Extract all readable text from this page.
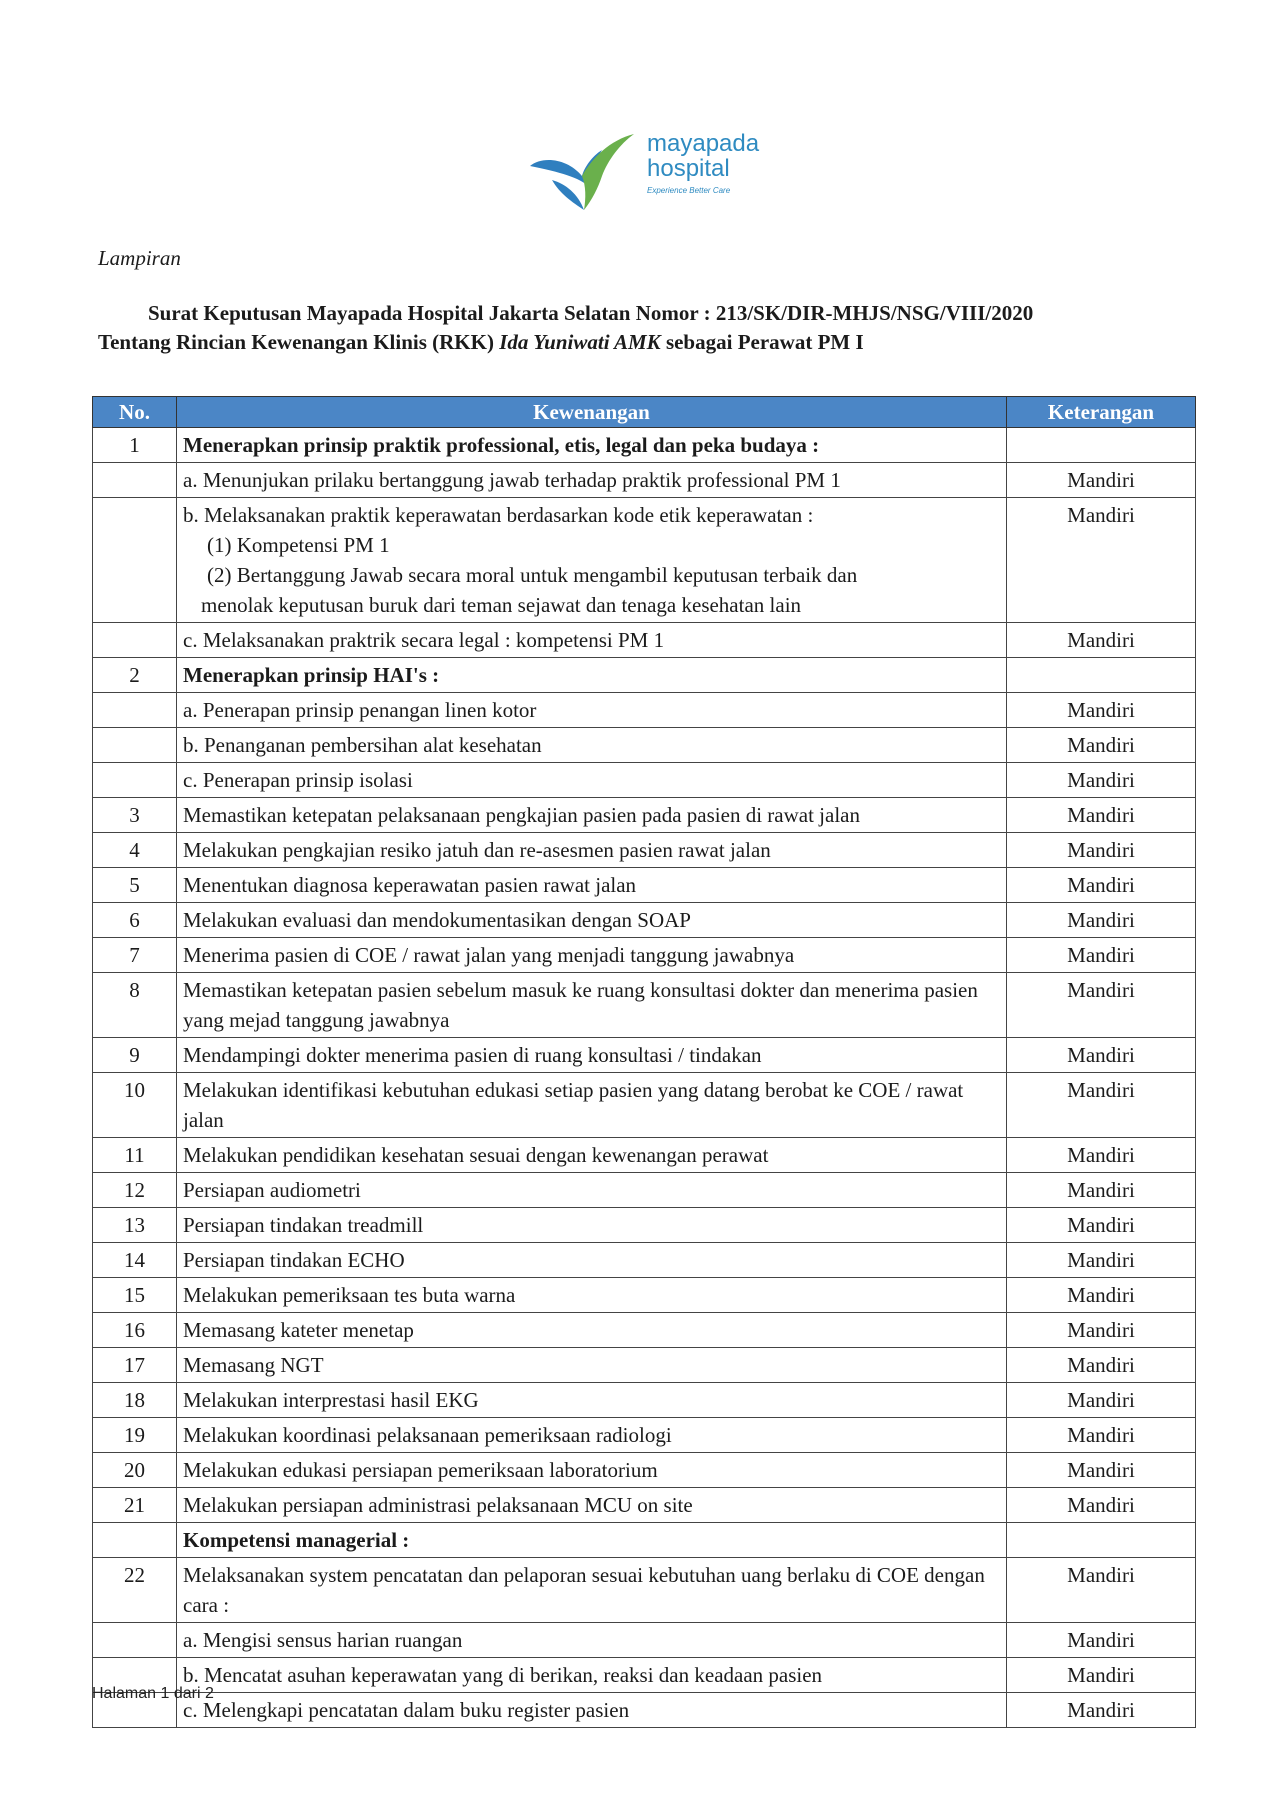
mayapada
hospital
Experience Better Care
Lampiran
Surat Keputusan Mayapada Hospital Jakarta Selatan Nomor : 213/SK/DIR-MHJS/NSG/VIII/2020
Tentang Rincian Kewenangan Klinis (RKK) Ida Yuniwati AMK sebagai Perawat PM I
No.	Kewenangan	Keterangan
1	Menerapkan prinsip praktik professional, etis, legal dan peka budaya :	
	a. Menunjukan prilaku bertanggung jawab terhadap praktik professional PM 1	Mandiri
	b. Melaksanakan praktik keperawatan berdasarkan kode etik keperawatan :
(1) Kompetensi PM 1
(2) Bertanggung Jawab secara moral untuk mengambil keputusan terbaik dan
menolak keputusan buruk dari teman sejawat dan tenaga kesehatan lain	Mandiri
	c. Melaksanakan praktrik secara legal : kompetensi PM 1	Mandiri
2	Menerapkan prinsip HAI's :	
	a. Penerapan prinsip penangan linen kotor	Mandiri
	b. Penanganan pembersihan alat kesehatan	Mandiri
	c. Penerapan prinsip isolasi	Mandiri
3	Memastikan ketepatan pelaksanaan pengkajian pasien pada pasien di rawat jalan	Mandiri
4	Melakukan pengkajian resiko jatuh dan re-asesmen pasien rawat jalan	Mandiri
5	Menentukan diagnosa keperawatan pasien rawat jalan	Mandiri
6	Melakukan evaluasi dan mendokumentasikan dengan SOAP	Mandiri
7	Menerima pasien di COE / rawat jalan yang menjadi tanggung jawabnya	Mandiri
8	Memastikan ketepatan pasien sebelum masuk ke ruang konsultasi dokter dan menerima pasien yang mejad tanggung jawabnya	Mandiri
9	Mendampingi dokter menerima pasien di ruang konsultasi / tindakan	Mandiri
10	Melakukan identifikasi kebutuhan edukasi setiap pasien yang datang berobat ke COE / rawat jalan	Mandiri
11	Melakukan pendidikan kesehatan sesuai dengan kewenangan perawat	Mandiri
12	Persiapan audiometri	Mandiri
13	Persiapan tindakan treadmill	Mandiri
14	Persiapan tindakan ECHO	Mandiri
15	Melakukan pemeriksaan tes buta warna	Mandiri
16	Memasang kateter menetap	Mandiri
17	Memasang NGT	Mandiri
18	Melakukan interprestasi hasil EKG	Mandiri
19	Melakukan koordinasi pelaksanaan pemeriksaan radiologi	Mandiri
20	Melakukan edukasi persiapan pemeriksaan laboratorium	Mandiri
21	Melakukan persiapan administrasi pelaksanaan MCU on site	Mandiri
	Kompetensi managerial :	
22	Melaksanakan system pencatatan dan pelaporan sesuai kebutuhan uang berlaku di COE dengan cara :	Mandiri
	a. Mengisi sensus harian ruangan	Mandiri
	b. Mencatat asuhan keperawatan yang di berikan, reaksi dan keadaan pasien	Mandiri
	c. Melengkapi pencatatan dalam buku register pasien	Mandiri
Halaman 1 dari 2
